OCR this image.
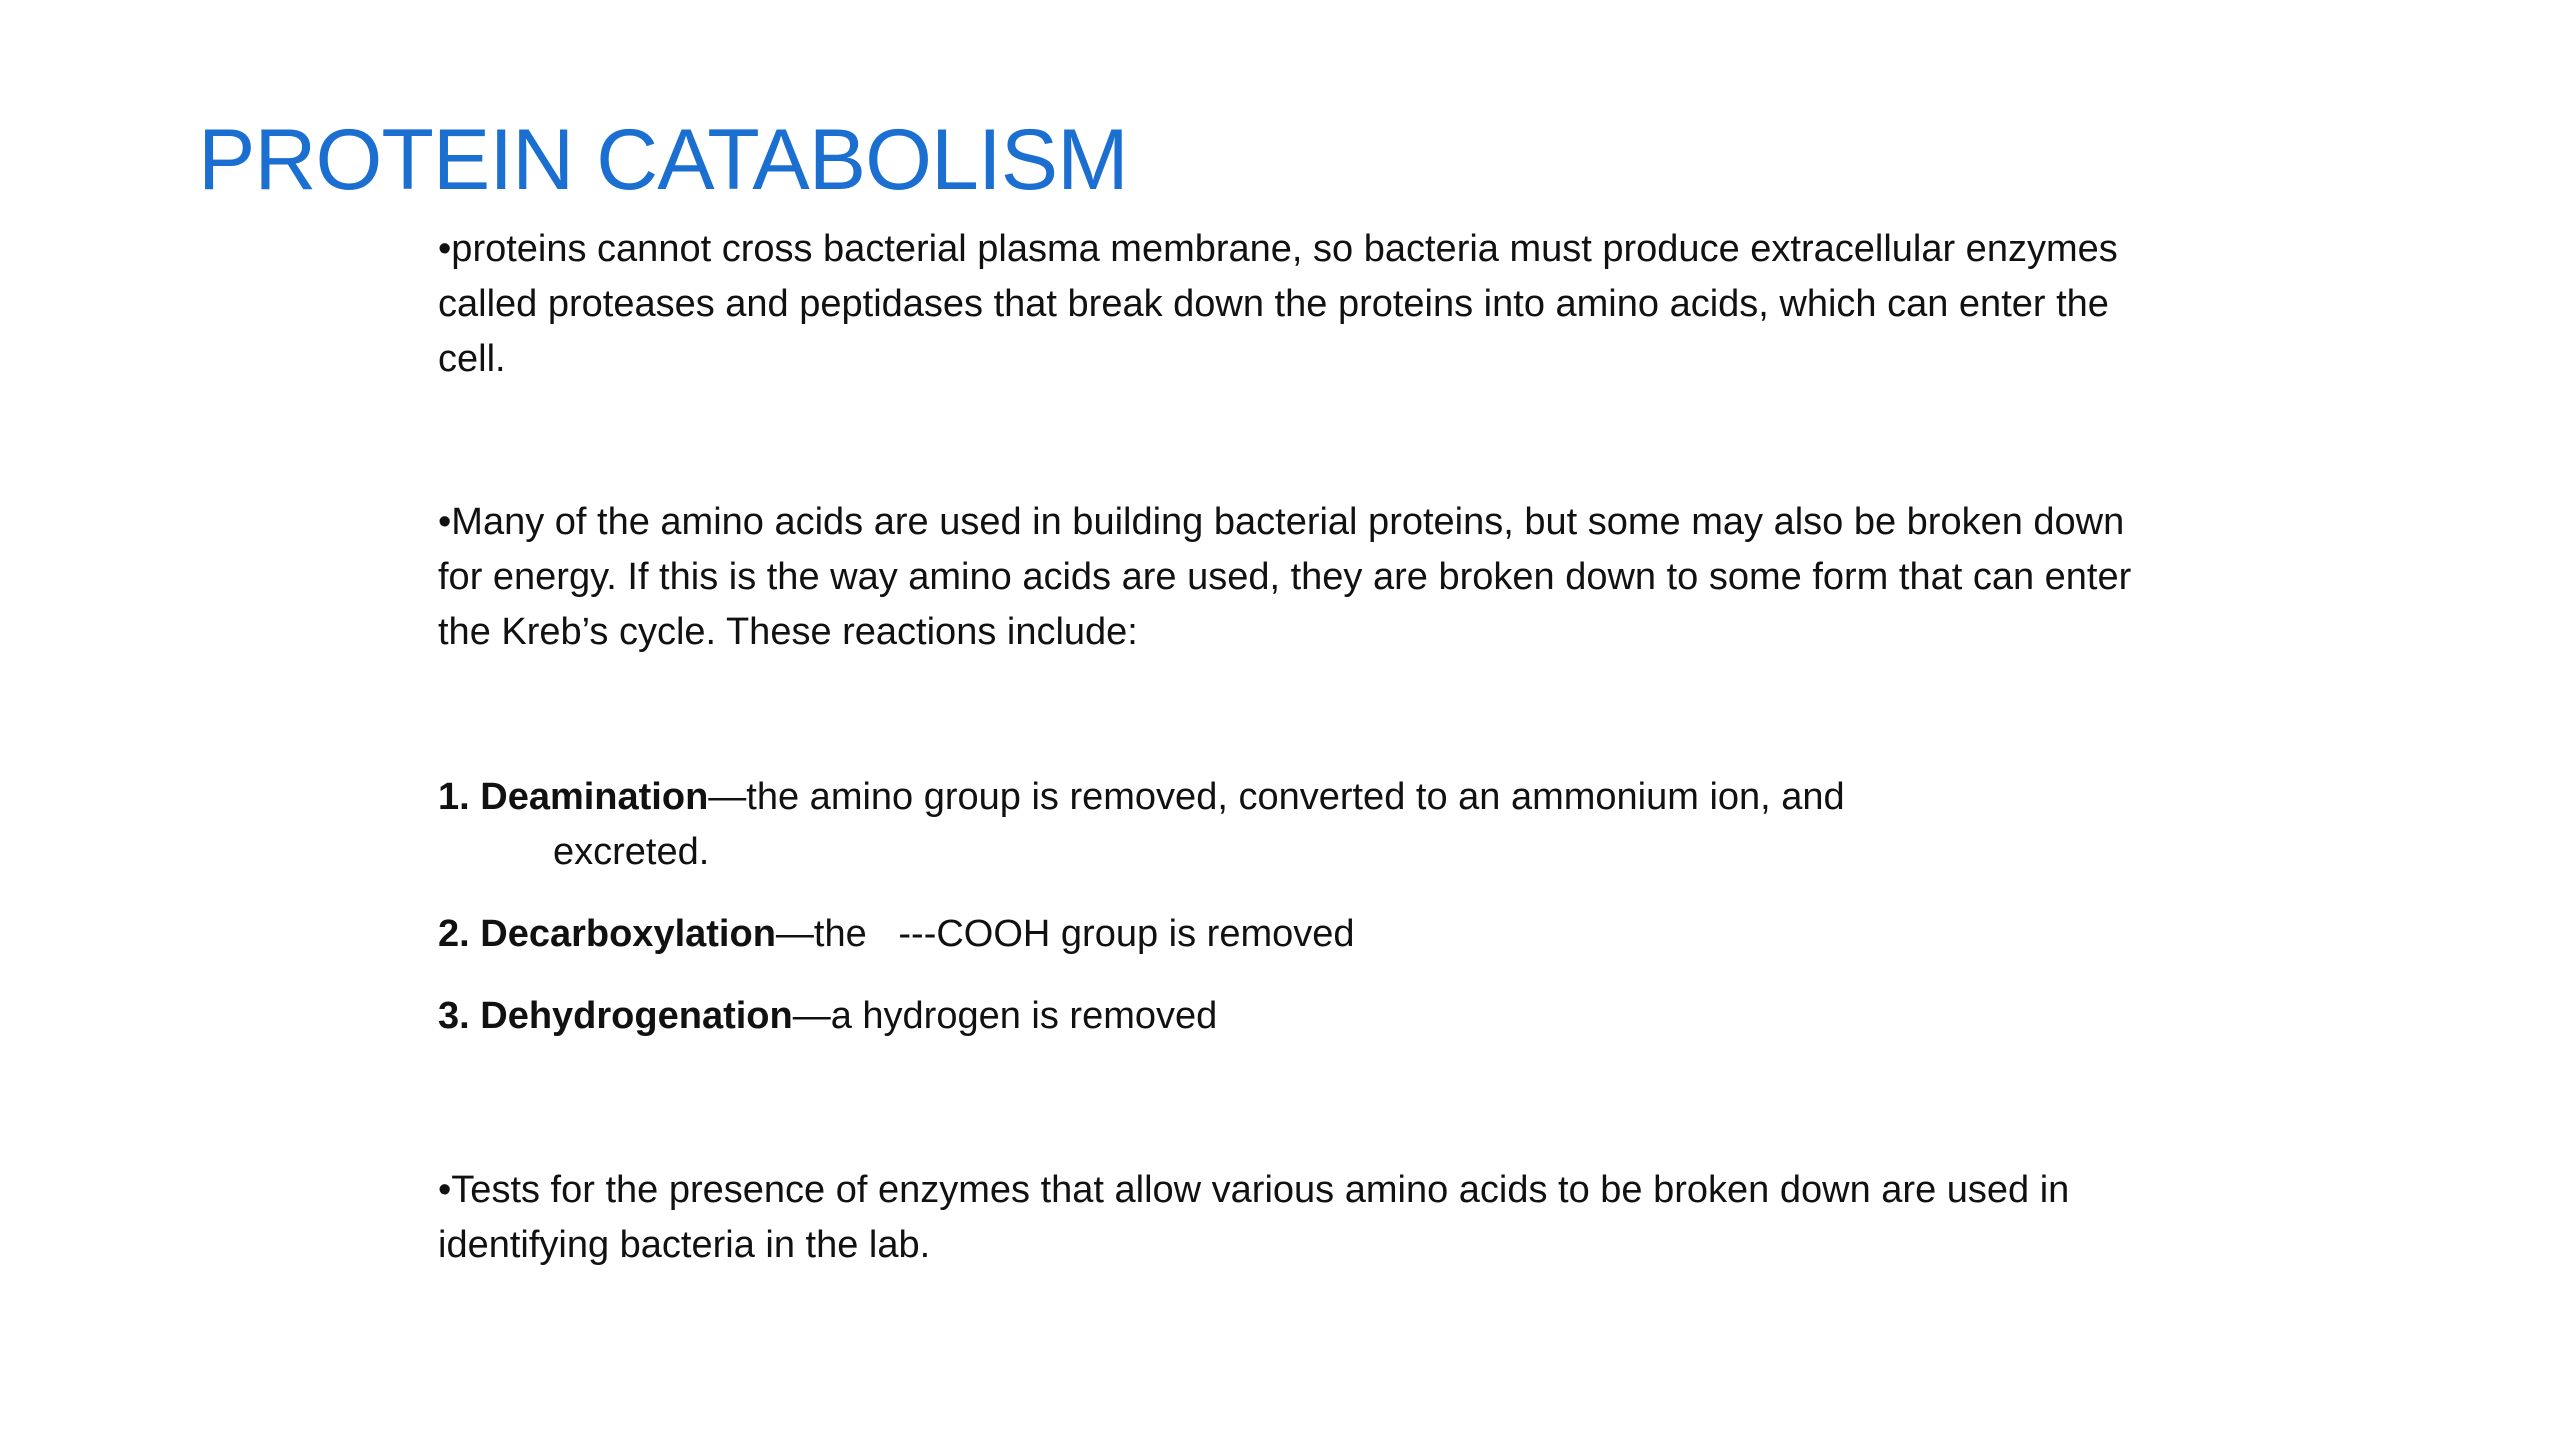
PROTEIN CATABOLISM

•proteins cannot cross bacterial plasma membrane, so bacteria must produce extracellular enzymes called proteases and peptidases that break down the proteins into amino acids, which can enter the cell.

•Many of the amino acids are used in building bacterial proteins, but some may also be broken down for energy. If this is the way amino acids are used, they are broken down to some form that can enter the Kreb’s cycle. These reactions include:

1. Deamination—the amino group is removed, converted to an ammonium ion, and

excreted.

2. Decarboxylation—the   ---COOH group is removed

3. Dehydrogenation—a hydrogen is removed

•Tests for the presence of enzymes that allow various amino acids to be broken down are used in identifying bacteria in the lab.
